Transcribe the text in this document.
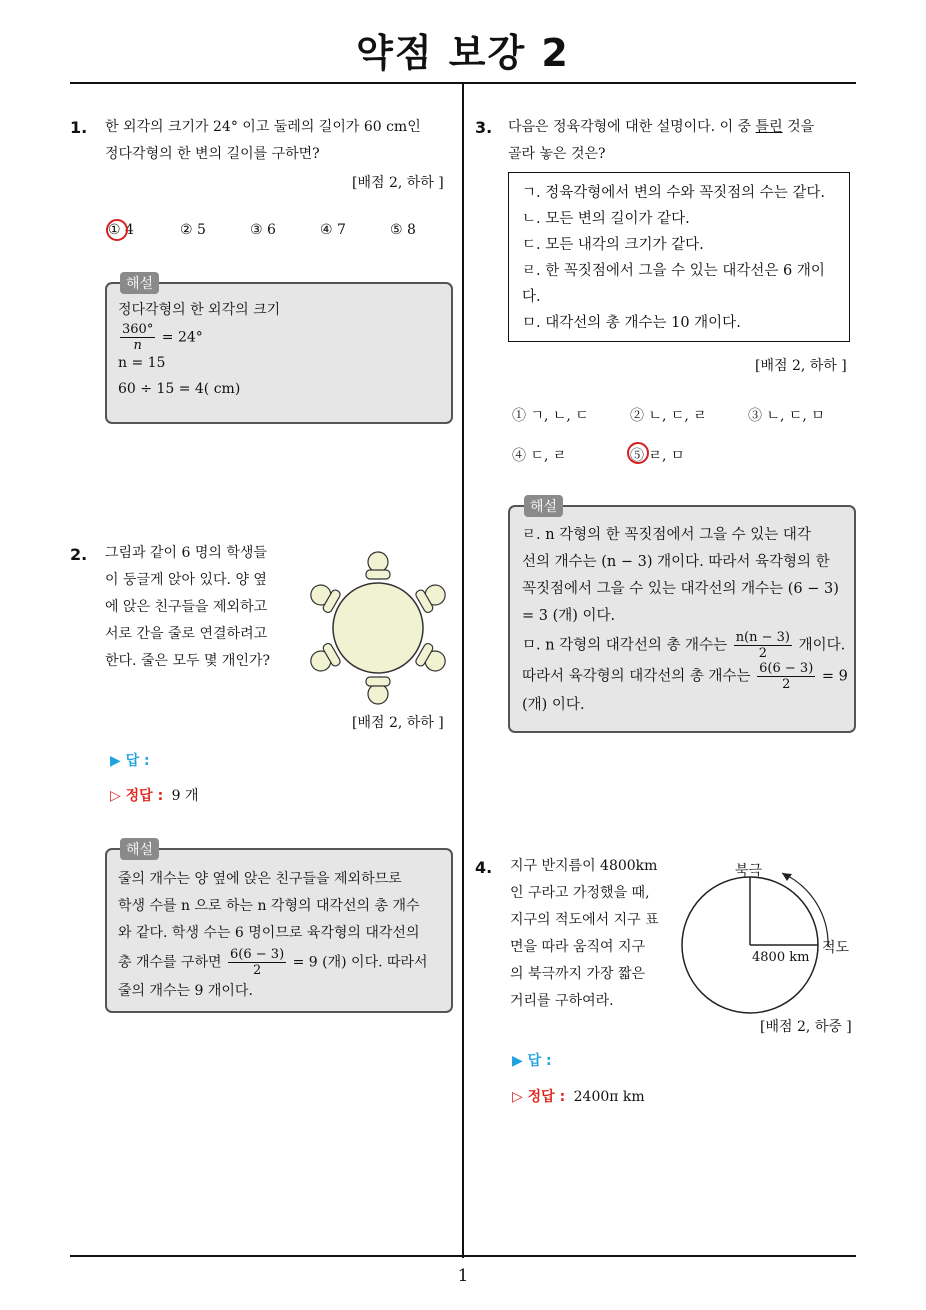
약점 보강 2
1
1. 한 외각의 크기가 24° 이고 둘레의 길이가 60 cm인
정다각형의 한 변의 길이를 구하면?
[배점 2, 하하 ]
① 4	② 5	③ 6	④ 7	⑤ 8
해설
정다각형의 한 외각의 크기
$\frac{360^\circ}{n} = 24^\circ$
n = 15
60 ÷ 15 = 4( cm)
2. 그림과 같이 6 명의 학생들
이 둥글게 앉아 있다. 양 옆
에 앉은 친구들을 제외하고
서로 간을 줄로 연결하려고
한다. 줄은 모두 몇 개인가?
[배점 2, 하하 ]
▶ 답 :
▷ 정답 : 9 개
해설
줄의 개수는 양 옆에 앉은 친구들을 제외하므로
학생 수를 n 으로 하는 n 각형의 대각선의 총 개수
와 같다. 학생 수는 6 명이므로 육각형의 대각선의
총 개수를 구하면 $\frac{6(6 - 3)}{2} = 9$ (개) 이다. 따라서
줄의 개수는 9 개이다.
3. 다음은 정육각형에 대한 설명이다. 이 중 틀린 것을
골라 놓은 것은?
ㄱ. 정육각형에서 변의 수와 꼭짓점의 수는 같다.
ㄴ. 모든 변의 길이가 같다.
ㄷ. 모든 내각의 크기가 같다.
ㄹ. 한 꼭짓점에서 그을 수 있는 대각선은 6 개이
다.
ㅁ. 대각선의 총 개수는 10 개이다.
[배점 2, 하하 ]
① ㄱ, ㄴ, ㄷ	② ㄴ, ㄷ, ㄹ	③ ㄴ, ㄷ, ㅁ
④ ㄷ, ㄹ	⑤ ㄹ, ㅁ
해설
ㄹ. n 각형의 한 꼭짓점에서 그을 수 있는 대각
선의 개수는 (n − 3) 개이다. 따라서 육각형의 한
꼭짓점에서 그을 수 있는 대각선의 개수는 (6 − 3)
= 3 (개) 이다.
ㅁ. n 각형의 대각선의 총 개수는 $\frac{n(n - 3)}{2}$ 개이다.
따라서 육각형의 대각선의 총 개수는 $\frac{6(6 - 3)}{2} = 9$
(개) 이다.
4. 지구 반지름이 4800km
인 구라고 가정했을 때,
지구의 적도에서 지구 표
면을 따라 움직여 지구
의 북극까지 가장 짧은
거리를 구하여라.
북극
적도
4800 km
[배점 2, 하중 ]
▶ 답 :
▷ 정답 : 2400π km
